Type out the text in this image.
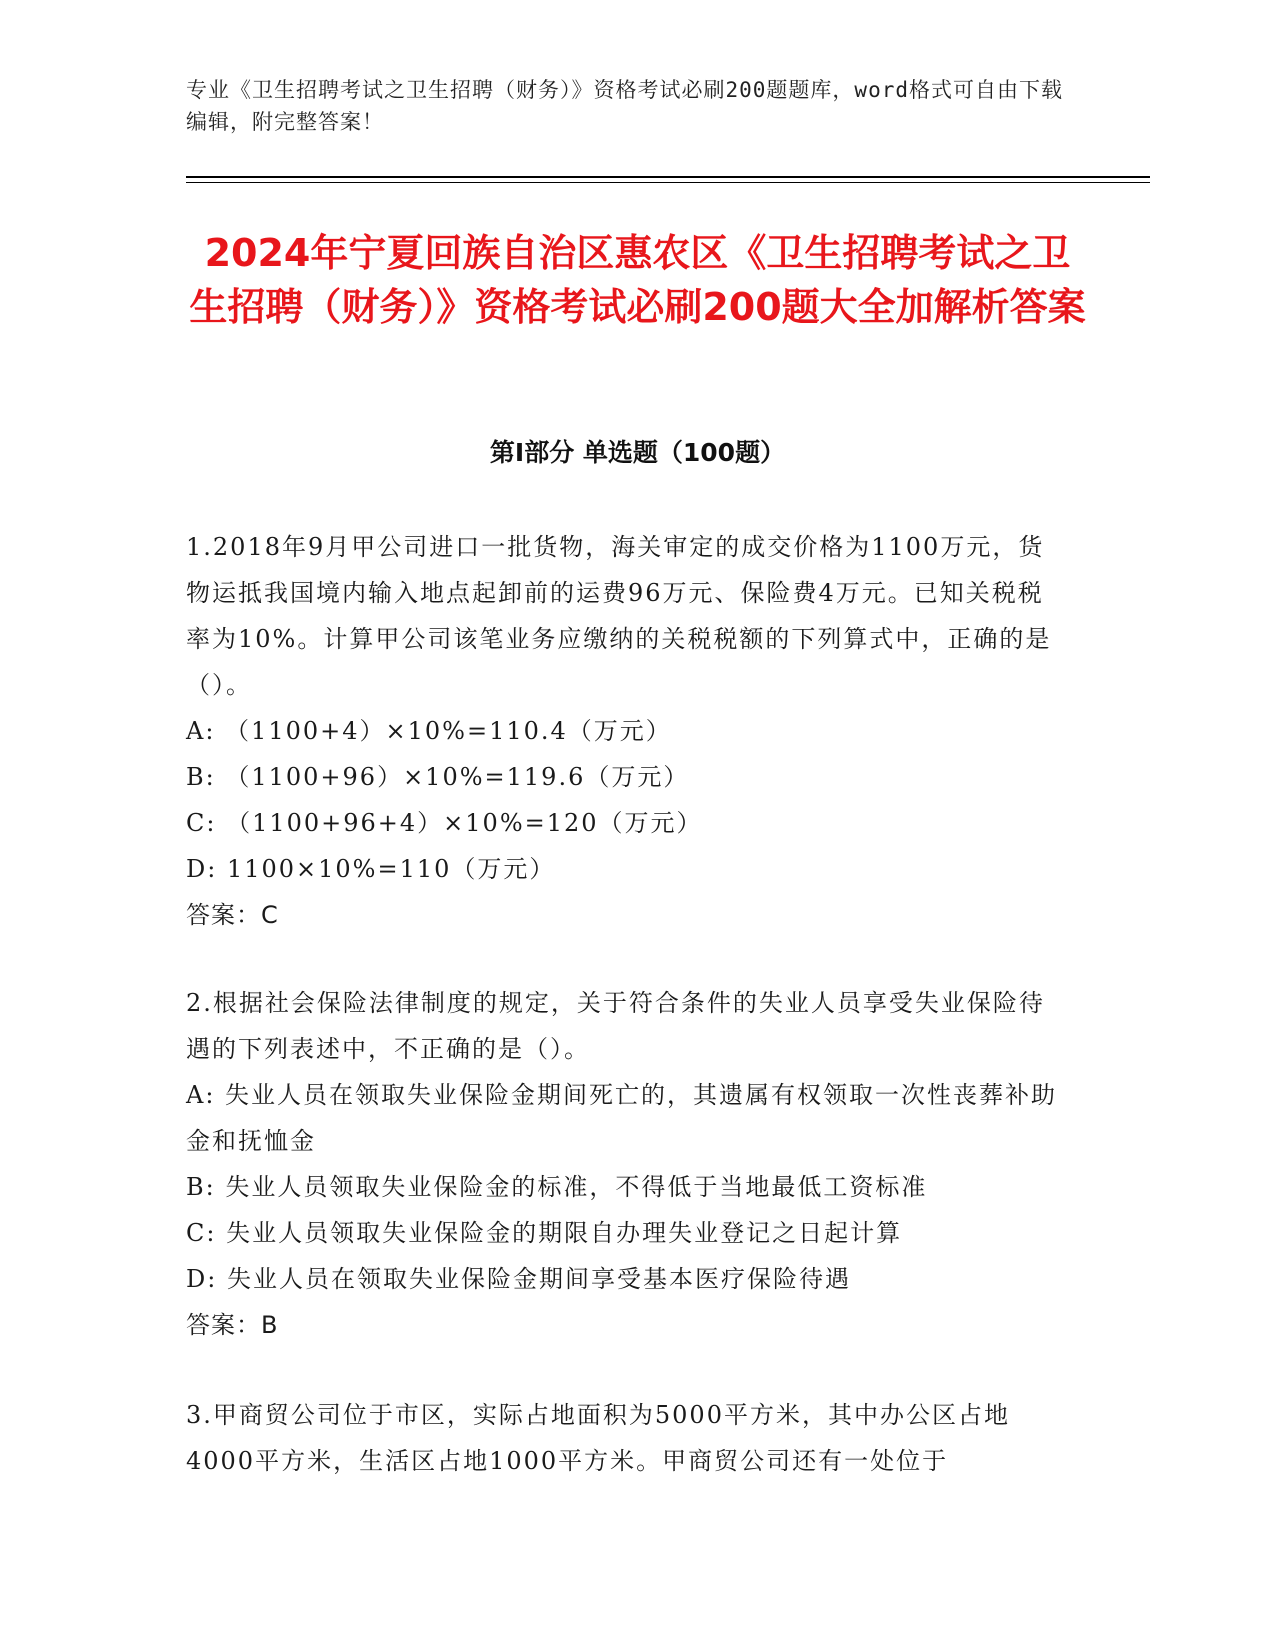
专业《卫生招聘考试之卫生招聘（财务）》资格考试必刷200题题库，word格式可自由下载编辑，附完整答案！
2024年宁夏回族自治区惠农区《卫生招聘考试之卫生招聘（财务）》资格考试必刷200题大全加解析答案
第Ⅰ部分 单选题（100题）
1.2018年9月甲公司进口一批货物，海关审定的成交价格为1100万元，货物运抵我国境内输入地点起卸前的运费96万元、保险费4万元。已知关税税率为10%。计算甲公司该笔业务应缴纳的关税税额的下列算式中，正确的是（）。
A: （1100+4）×10%=110.4（万元）
B: （1100+96）×10%=119.6（万元）
C: （1100+96+4）×10%=120（万元）
D: 1100×10%=110（万元）
答案：C
2.根据社会保险法律制度的规定，关于符合条件的失业人员享受失业保险待遇的下列表述中，不正确的是（）。
A: 失业人员在领取失业保险金期间死亡的，其遗属有权领取一次性丧葬补助金和抚恤金
B: 失业人员领取失业保险金的标准，不得低于当地最低工资标准
C: 失业人员领取失业保险金的期限自办理失业登记之日起计算
D: 失业人员在领取失业保险金期间享受基本医疗保险待遇
答案：B
3.甲商贸公司位于市区，实际占地面积为5000平方米，其中办公区占地4000平方米，生活区占地1000平方米。甲商贸公司还有一处位于
